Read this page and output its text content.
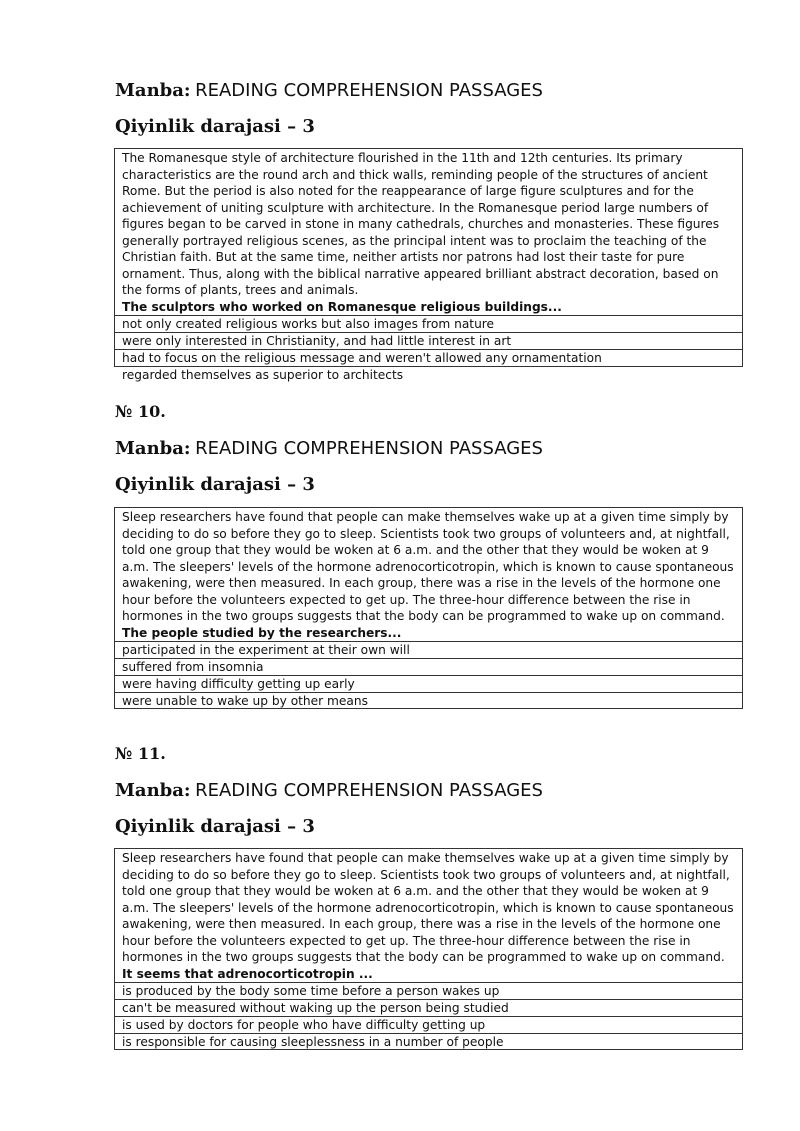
Manba: READING COMPREHENSION PASSAGES
Qiyinlik darajasi – 3
The Romanesque style of architecture flourished in the 11th and 12th centuries. Its primary characteristics are the round arch and thick walls, reminding people of the structures of ancient Rome. But the period is also noted for the reappearance of large figure sculptures and for the achievement of uniting sculpture with architecture. In the Romanesque period large numbers of figures began to be carved in stone in many cathedrals, churches and monasteries. These figures generally portrayed religious scenes, as the principal intent was to proclaim the teaching of the Christian faith. But at the same time, neither artists nor patrons had lost their taste for pure ornament. Thus, along with the biblical narrative appeared brilliant abstract decoration, based on the forms of plants, trees and animals.
The sculptors who worked on Romanesque religious buildings...
not only created religious works but also images from nature
were only interested in Christianity, and had little interest in art
had to focus on the religious message and weren't allowed any ornamentation
regarded themselves as superior to architects
№ 10.
Manba: READING COMPREHENSION PASSAGES
Qiyinlik darajasi – 3
Sleep researchers have found that people can make themselves wake up at a given time simply by deciding to do so before they go to sleep. Scientists took two groups of volunteers and, at nightfall, told one group that they would be woken at 6 a.m. and the other that they would be woken at 9 a.m. The sleepers' levels of the hormone adrenocorticotropin, which is known to cause spontaneous awakening, were then measured. In each group, there was a rise in the levels of the hormone one hour before the volunteers expected to get up. The three-hour difference between the rise in hormones in the two groups suggests that the body can be programmed to wake up on command.
The people studied by the researchers...
participated in the experiment at their own will
suffered from insomnia
were having difficulty getting up early
were unable to wake up by other means
№ 11.
Manba: READING COMPREHENSION PASSAGES
Qiyinlik darajasi – 3
Sleep researchers have found that people can make themselves wake up at a given time simply by deciding to do so before they go to sleep. Scientists took two groups of volunteers and, at nightfall, told one group that they would be woken at 6 a.m. and the other that they would be woken at 9 a.m. The sleepers' levels of the hormone adrenocorticotropin, which is known to cause spontaneous awakening, were then measured. In each group, there was a rise in the levels of the hormone one hour before the volunteers expected to get up. The three-hour difference between the rise in hormones in the two groups suggests that the body can be programmed to wake up on command.
It seems that adrenocorticotropin ...
is produced by the body some time before a person wakes up
can't be measured without waking up the person being studied
is used by doctors for people who have difficulty getting up
is responsible for causing sleeplessness in a number of people
